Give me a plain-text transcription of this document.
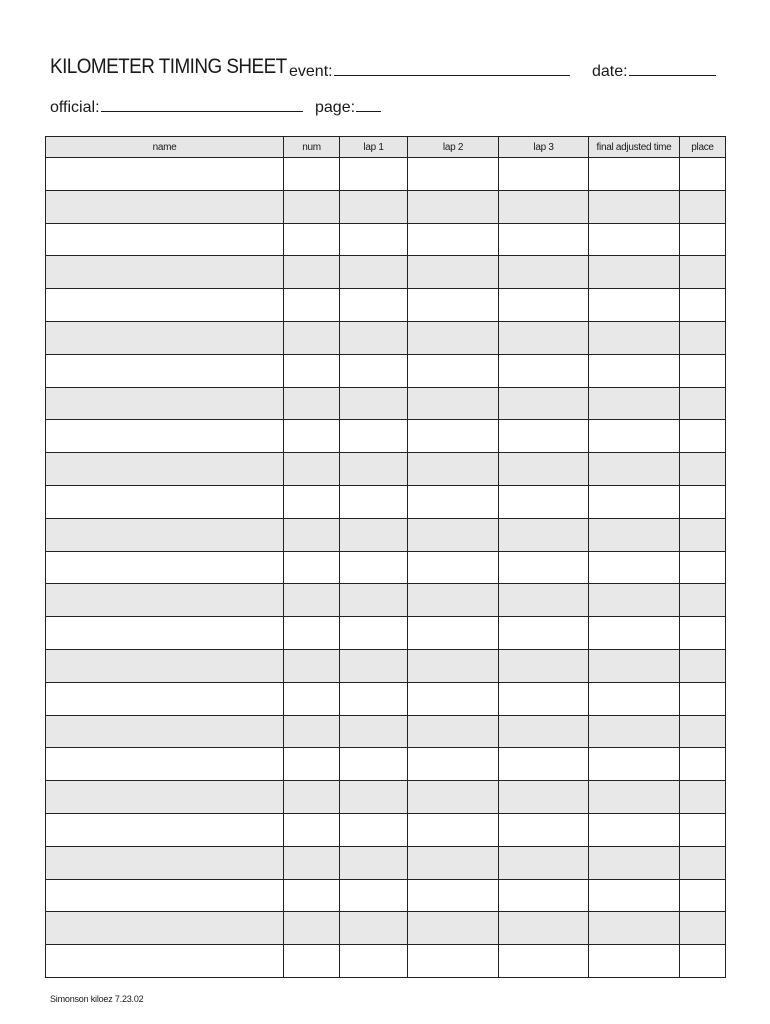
KILOMETER TIMING SHEET event:	date:
official:	page:
name	num	lap 1	lap 2	lap 3	final adjusted time	place

Simonson kiloez 7.23.02
